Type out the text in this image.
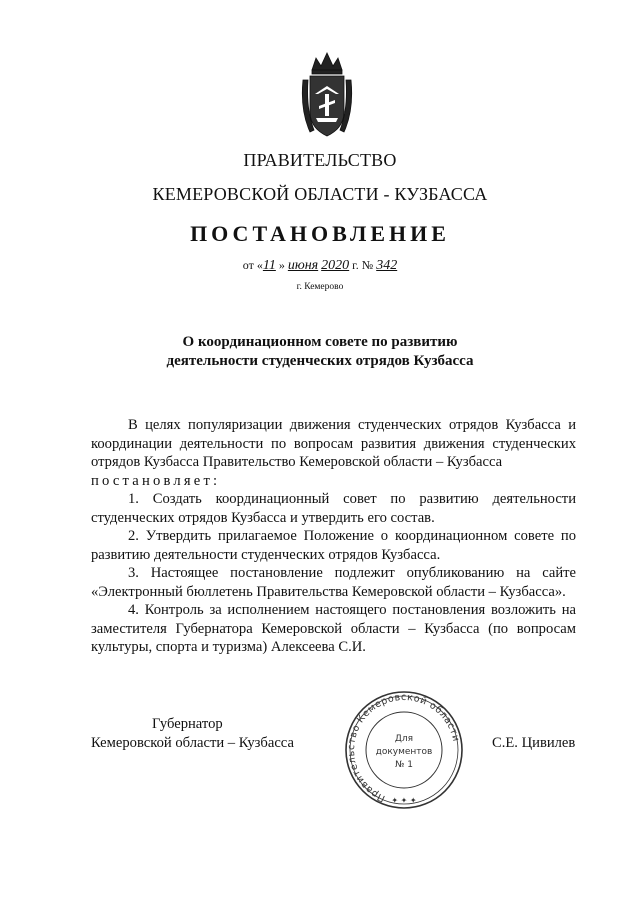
ПРАВИТЕЛЬСТВО
КЕМЕРОВСКОЙ ОБЛАСТИ - КУЗБАССА
ПОСТАНОВЛЕНИЕ
от «11 » июня 2020 г. № 342
г. Кемерово
О координационном совете по развитию
деятельности студенческих отрядов Кузбасса

В целях популяризации движения студенческих отрядов Кузбасса и координации деятельности по вопросам развития движения студенческих отрядов Кузбасса Правительство Кемеровской области – Кузбасса

постановляет:

1. Создать координационный совет по развитию деятельности студенческих отрядов Кузбасса и утвердить его состав.

2. Утвердить прилагаемое Положение о координационном совете по развитию деятельности студенческих отрядов Кузбасса.

3. Настоящее постановление подлежит опубликованию на сайте «Электронный бюллетень Правительства Кемеровской области – Кузбасса».

4. Контроль за исполнением настоящего постановления возложить на заместителя Губернатора Кемеровской области – Кузбасса (по вопросам культуры, спорта и туризма) Алексеева С.И.

Губернатор
Кемеровской области – Кузбасса	С.Е. Цивилев
Правительство Кемеровской области
Для
документов
№ 1
✦ ✦ ✦
